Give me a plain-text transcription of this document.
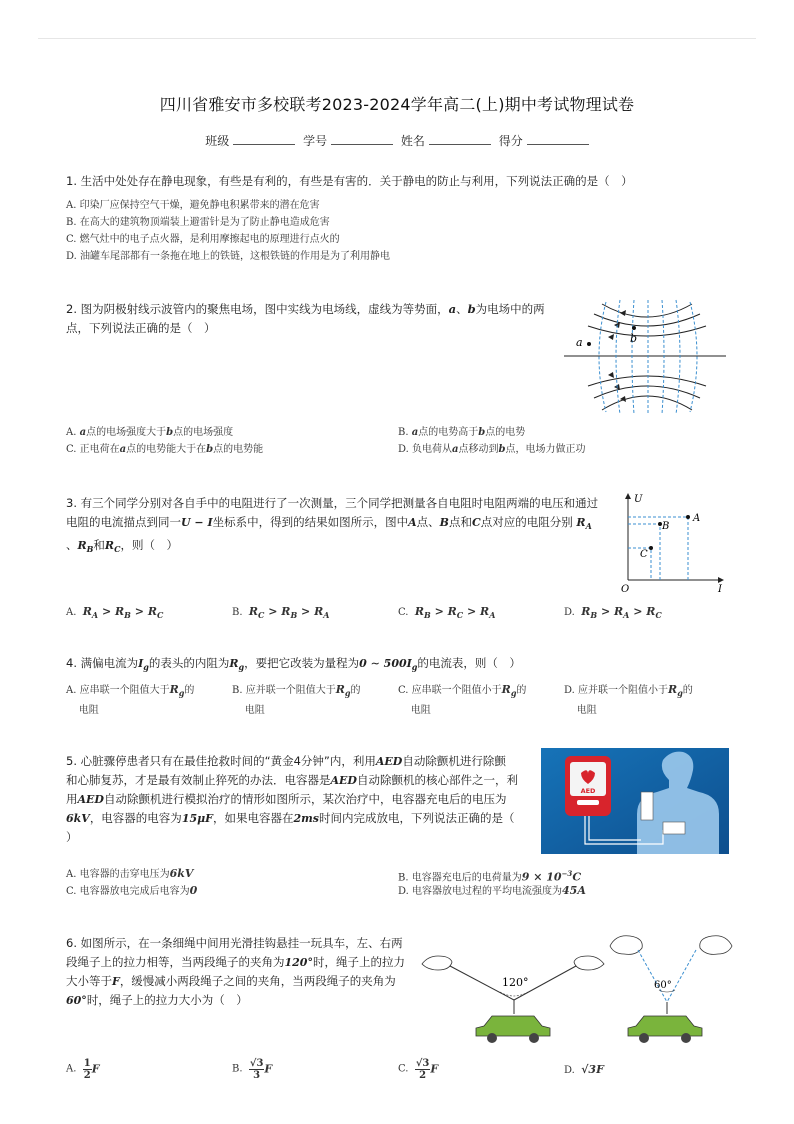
四川省雅安市多校联考2023-2024学年高二(上)期中考试物理试卷
班级	学号	姓名	得分
1. 生活中处处存在静电现象，有些是有利的，有些是有害的．关于静电的防止与利用，下列说法正确的是（　）
A. 印染厂应保持空气干燥，避免静电积累带来的潜在危害
B. 在高大的建筑物顶端装上避雷针是为了防止静电造成危害
C. 燃气灶中的电子点火器，是利用摩擦起电的原理进行点火的
D. 油罐车尾部都有一条拖在地上的铁链，这根铁链的作用是为了利用静电
2. 图为阴极射线示波管内的聚焦电场，图中实线为电场线，虚线为等势面，a、b为电场中的两
点，下列说法正确的是（　）
a	b
A. a点的电场强度大于b点的电场强度	B. a点的电势高于b点的电势
C. 正电荷在a点的电势能大于在b点的电势能	D. 负电荷从a点移动到b点，电场力做正功
3. 有三个同学分别对各自手中的电阻进行了一次测量，三个同学把测量各自电阻时电阻两端的电压和通过
电阻的电流描点到同一U − I坐标系中，得到的结果如图所示，图中A点、B点和C点对应的电阻分别 $R_A$
、$R_B$和$R_C$，则（　）
U
I
O
A
B
C
A. $R_A > R_B > R_C$	B. $R_C > R_B > R_A$	C. $R_B > R_C > R_A$	D. $R_B > R_A > R_C$
4. 满偏电流为$I_g$的表头的内阻为$R_g$，要把它改装为量程为0 ∼ $500I_g$的电流表，则（　）
A. 应串联一个阻值大于$R_g$的
电阻
B. 应并联一个阻值大于$R_g$的
电阻
C. 应串联一个阻值小于$R_g$的
电阻
D. 应并联一个阻值小于$R_g$的
电阻
5. 心脏骤停患者只有在最佳抢救时间的“黄金4分钟”内，利用AED自动除颤机进行除颤
和心肺复苏，才是最有效制止猝死的办法．电容器是AED自动除颤机的核心部件之一，利
用AED自动除颤机进行模拟治疗的情形如图所示，某次治疗中，电容器充电后的电压为
6kV，电容器的电容为15μF，如果电容器在2ms时间内完成放电，下列说法正确的是（
）
AED
A. 电容器的击穿电压为6kV	B. 电容器充电后的电荷量为$9 \times 10^{-3}C$
C. 电容器放电完成后电容为0	D. 电容器放电过程的平均电流强度为45A
6. 如图所示，在一条细绳中间用光滑挂钩悬挂一玩具车，左、右两
段绳子上的拉力相等，当两段绳子的夹角为120°时，绳子上的拉力
大小等于F，缓慢减小两段绳子之间的夹角，当两段绳子的夹角为
60°时，绳子上的拉力大小为（　）
120°	60°
A. $\frac{1}{2}$ F	B. $\frac{√3}{3}$ F	C. $\frac{√3}{2}$ F	D. √3F
